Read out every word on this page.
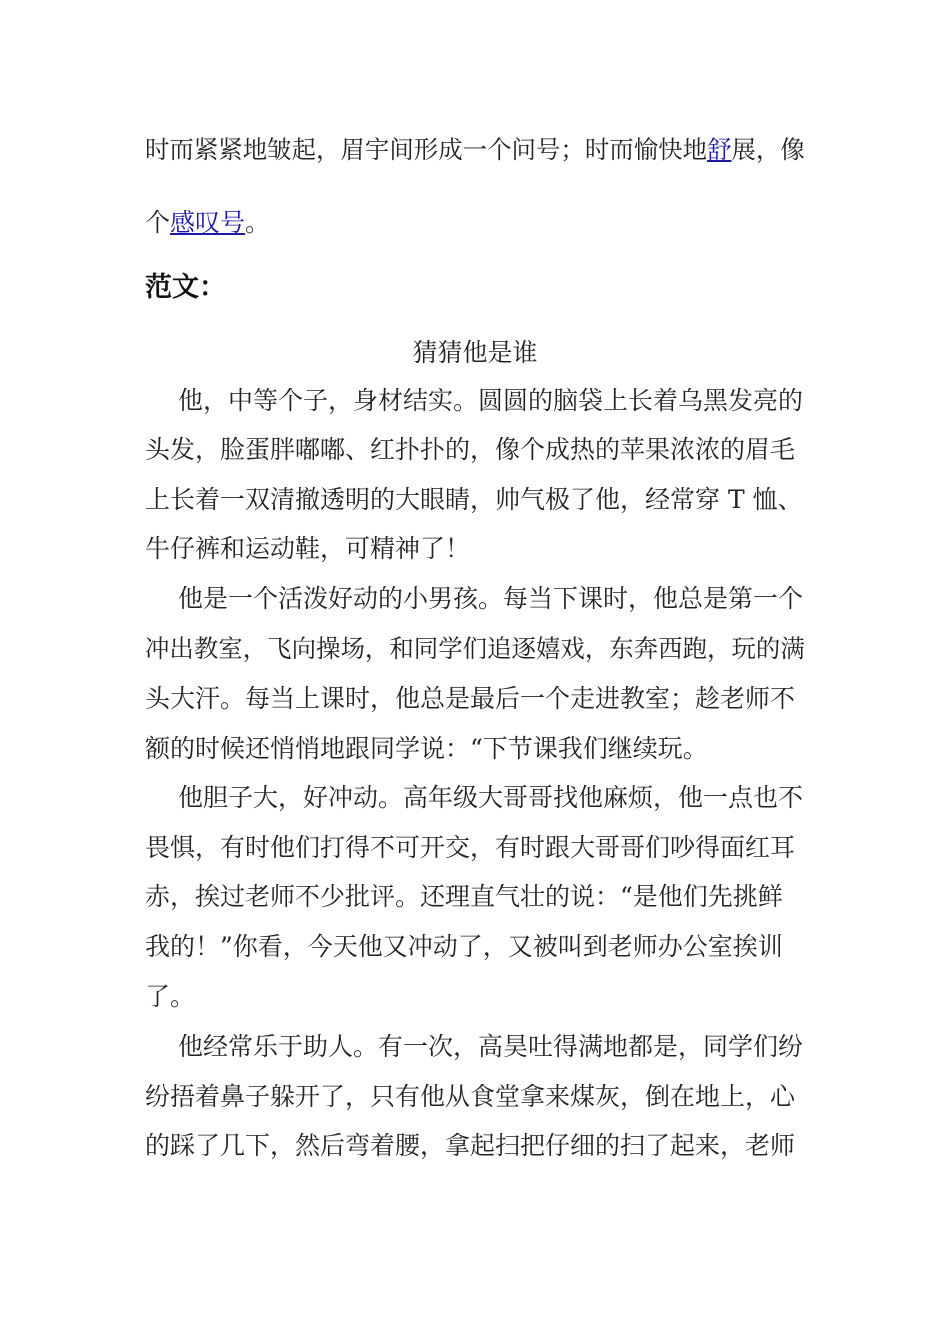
时而紧紧地皱起，眉宇间形成一个问号；时而愉快地舒展，像
个感叹号。
范文：
猜猜他是谁
他，中等个子，身材结实。圆圆的脑袋上长着乌黑发亮的
头发，脸蛋胖嘟嘟、红扑扑的，像个成热的苹果浓浓的眉毛
上长着一双清撤透明的大眼睛，帅气极了他，经常穿 T 恤、
牛仔裤和运动鞋，可精神了！
他是一个活泼好动的小男孩。每当下课时，他总是第一个
冲出教室，飞向操场，和同学们追逐嬉戏，东奔西跑，玩的满
头大汗。每当上课时，他总是最后一个走进教室；趁老师不
额的时候还悄悄地跟同学说：“下节课我们继续玩。
他胆子大，好冲动。高年级大哥哥找他麻烦，他一点也不
畏惧，有时他们打得不可开交，有时跟大哥哥们吵得面红耳
赤，挨过老师不少批评。还理直气壮的说：“是他们先挑鲜
我的！”你看，今天他又冲动了，又被叫到老师办公室挨训
了。
他经常乐于助人。有一次，高昊吐得满地都是，同学们纷
纷捂着鼻子躲开了，只有他从食堂拿来煤灰，倒在地上，心
的踩了几下，然后弯着腰，拿起扫把仔细的扫了起来，老师
